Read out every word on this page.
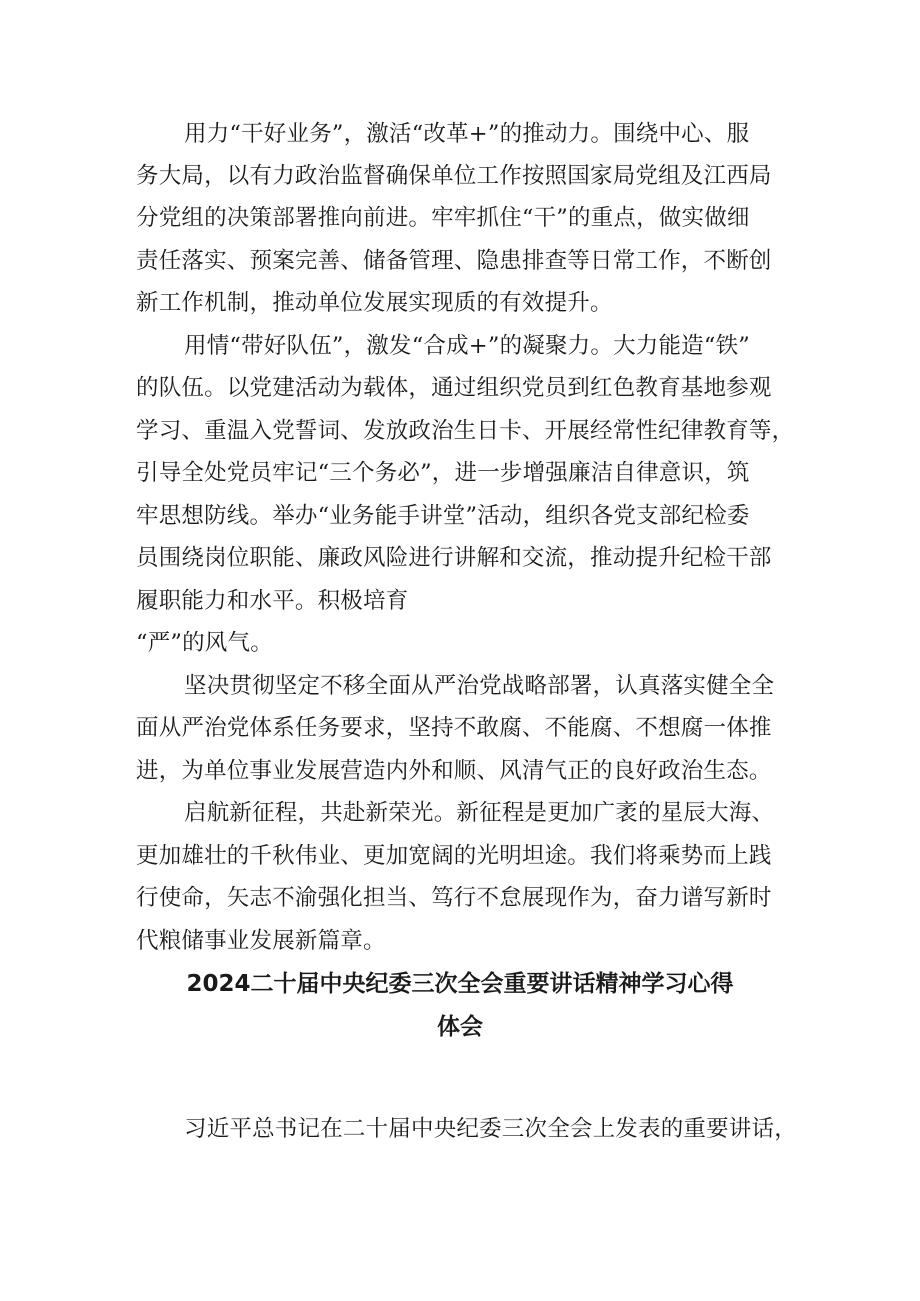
用力“干好业务”，激活“改革+”的推动力。围绕中心、服
务大局，以有力政治监督确保单位工作按照国家局党组及江西局
分党组的决策部署推向前进。牢牢抓住“干”的重点，做实做细
责任落实、预案完善、储备管理、隐患排查等日常工作，不断创
新工作机制，推动单位发展实现质的有效提升。
用情“带好队伍”，激发“合成+”的凝聚力。大力能造“铁”
的队伍。以党建活动为载体，通过组织党员到红色教育基地参观
学习、重温入党誓词、发放政治生日卡、开展经常性纪律教育等，
引导全处党员牢记“三个务必”，进一步增强廉洁自律意识，筑
牢思想防线。举办“业务能手讲堂”活动，组织各党支部纪检委
员围绕岗位职能、廉政风险进行讲解和交流，推动提升纪检干部
履职能力和水平。积极培育
“严”的风气。
坚决贯彻坚定不移全面从严治党战略部署，认真落实健全全
面从严治党体系任务要求，坚持不敢腐、不能腐、不想腐一体推
进，为单位事业发展营造内外和顺、风清气正的良好政治生态。
启航新征程，共赴新荣光。新征程是更加广袤的星辰大海、
更加雄壮的千秋伟业、更加宽阔的光明坦途。我们将乘势而上践
行使命，矢志不渝强化担当、笃行不怠展现作为，奋力谱写新时
代粮储事业发展新篇章。
2024二十届中央纪委三次全会重要讲话精神学习心得
体会
习近平总书记在二十届中央纪委三次全会上发表的重要讲话，
